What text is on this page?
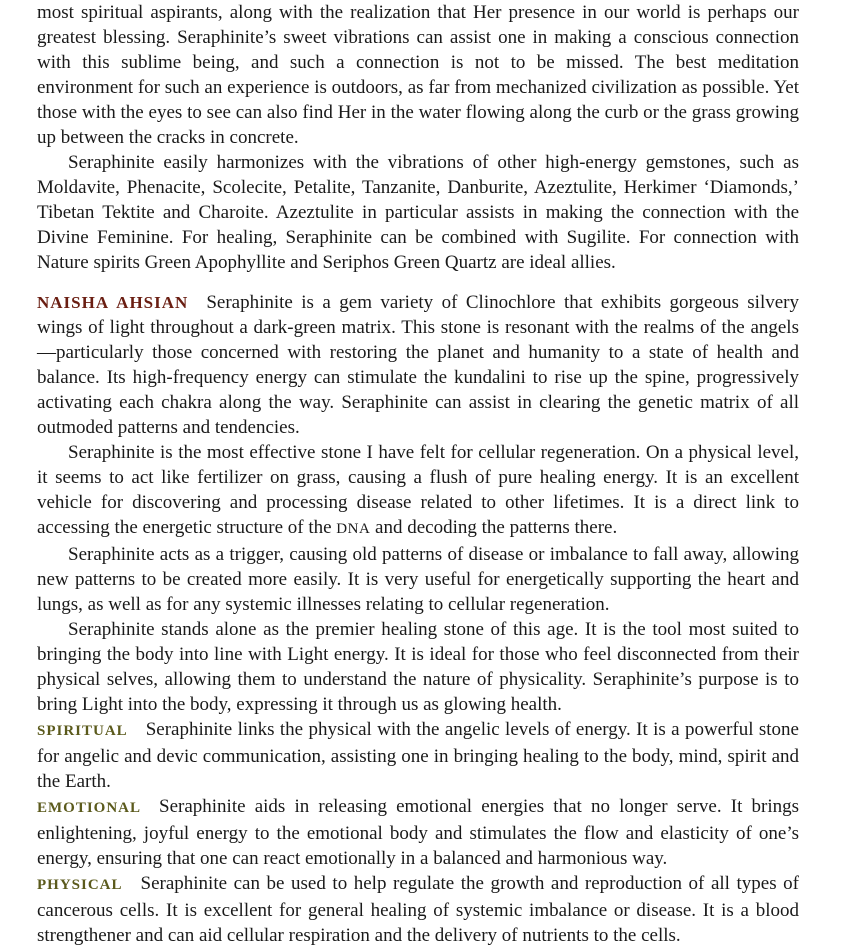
most spiritual aspirants, along with the realization that Her presence in our world is perhaps our greatest blessing. Seraphinite’s sweet vibrations can assist one in making a conscious connection with this sublime being, and such a connection is not to be missed. The best meditation environment for such an experience is outdoors, as far from mechanized civilization as possible. Yet those with the eyes to see can also find Her in the water flowing along the curb or the grass growing up between the cracks in concrete.

Seraphinite easily harmonizes with the vibrations of other high-energy gemstones, such as Moldavite, Phenacite, Scolecite, Petalite, Tanzanite, Danburite, Azeztulite, Herkimer ‘Diamonds,’ Tibetan Tektite and Charoite. Azeztulite in particular assists in making the connection with the Divine Feminine. For healing, Seraphinite can be combined with Sugilite. For connection with Nature spirits Green Apophyllite and Seriphos Green Quartz are ideal allies.

NAISHA AHSIAN Seraphinite is a gem variety of Clinochlore that exhibits gorgeous silvery wings of light throughout a dark-green matrix. This stone is resonant with the realms of the angels—particularly those concerned with restoring the planet and humanity to a state of health and balance. Its high-frequency energy can stimulate the kundalini to rise up the spine, progressively activating each chakra along the way. Seraphinite can assist in clearing the genetic matrix of all outmoded patterns and tendencies.

Seraphinite is the most effective stone I have felt for cellular regeneration. On a physical level, it seems to act like fertilizer on grass, causing a flush of pure healing energy. It is an excellent vehicle for discovering and processing disease related to other lifetimes. It is a direct link to accessing the energetic structure of the DNA and decoding the patterns there.

Seraphinite acts as a trigger, causing old patterns of disease or imbalance to fall away, allowing new patterns to be created more easily. It is very useful for energetically supporting the heart and lungs, as well as for any systemic illnesses relating to cellular regeneration.

Seraphinite stands alone as the premier healing stone of this age. It is the tool most suited to bringing the body into line with Light energy. It is ideal for those who feel disconnected from their physical selves, allowing them to understand the nature of physicality. Seraphinite’s purpose is to bring Light into the body, expressing it through us as glowing health.

SPIRITUAL Seraphinite links the physical with the angelic levels of energy. It is a powerful stone for angelic and devic communication, assisting one in bringing healing to the body, mind, spirit and the Earth.

EMOTIONAL Seraphinite aids in releasing emotional energies that no longer serve. It brings enlightening, joyful energy to the emotional body and stimulates the flow and elasticity of one’s energy, ensuring that one can react emotionally in a balanced and harmonious way.

PHYSICAL Seraphinite can be used to help regulate the growth and reproduction of all types of cancerous cells. It is excellent for general healing of systemic imbalance or disease. It is a blood strengthener and can aid cellular respiration and the delivery of nutrients to the cells.
